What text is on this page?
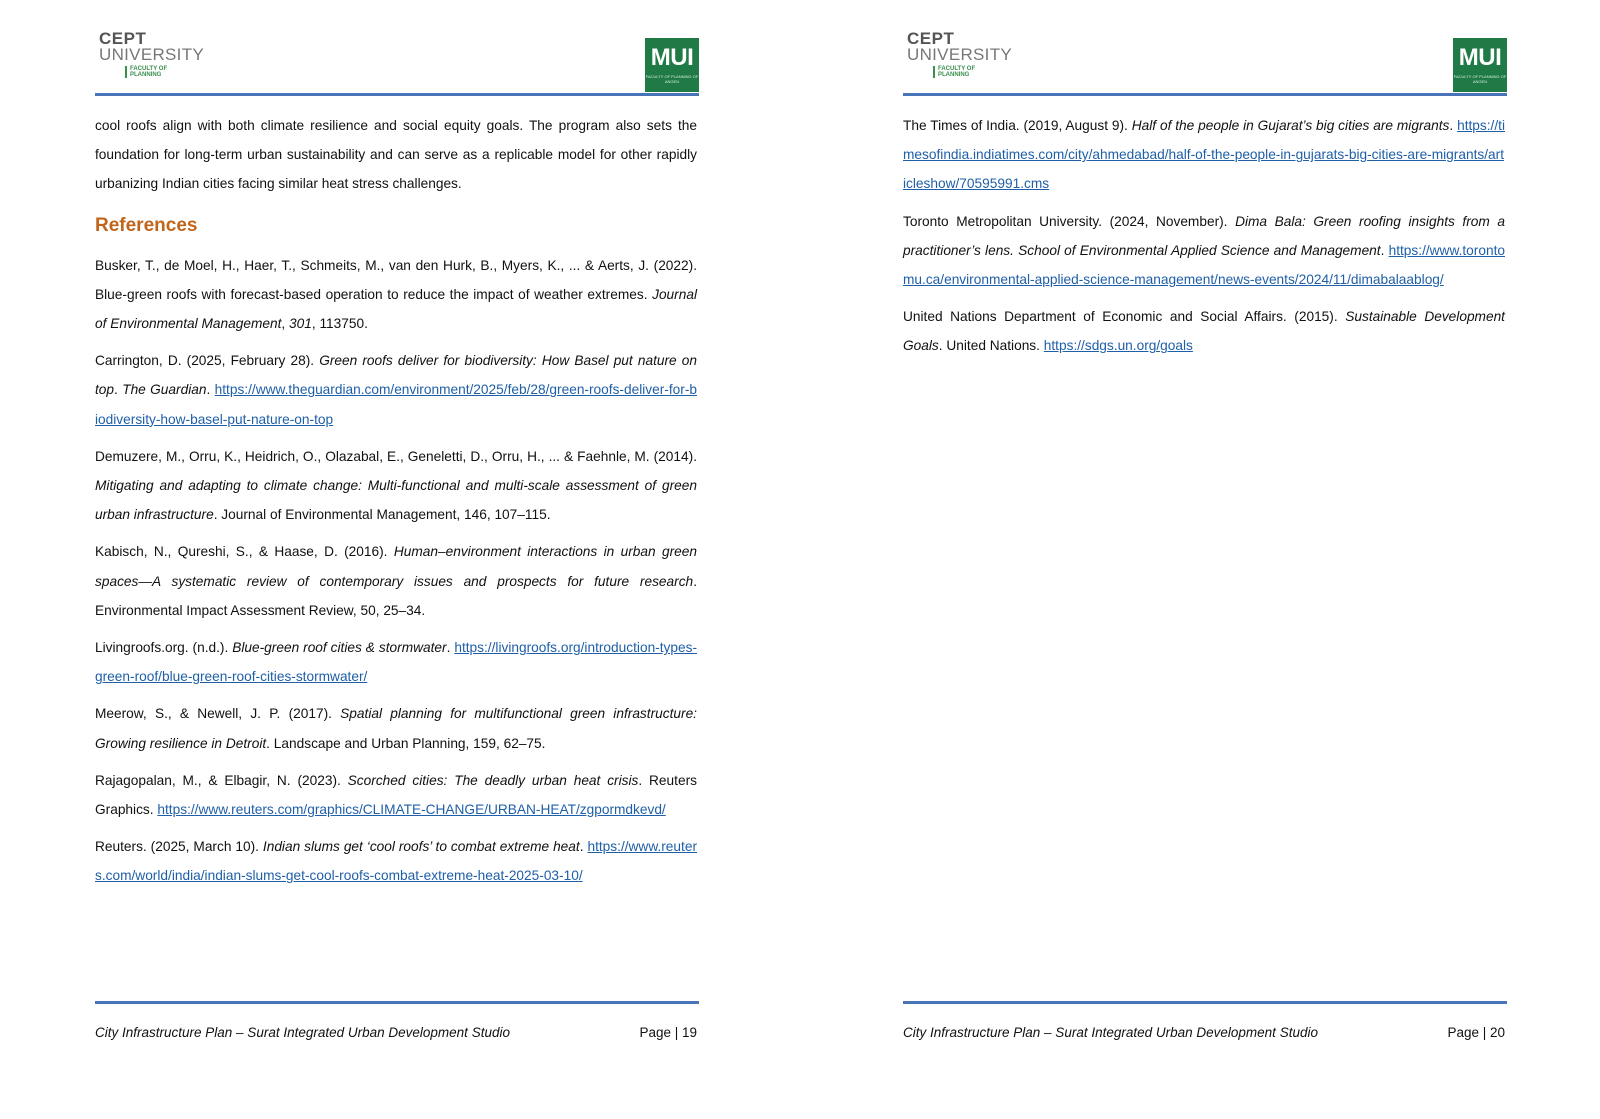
CEPT
UNIVERSITY
FACULTY OF PLANNING
MUI
FACULTY OF PLANNING OF ANGEN

cool roofs align with both climate resilience and social equity goals. The program also sets the foundation for long-term urban sustainability and can serve as a replicable model for other rapidly urbanizing Indian cities facing similar heat stress challenges.

References

Busker, T., de Moel, H., Haer, T., Schmeits, M., van den Hurk, B., Myers, K., ... & Aerts, J. (2022). Blue-green roofs with forecast-based operation to reduce the impact of weather extremes. Journal of Environmental Management, 301, 113750.

Carrington, D. (2025, February 28). Green roofs deliver for biodiversity: How Basel put nature on top. The Guardian. https://www.theguardian.com/environment/2025/feb/28/green-roofs-deliver-for-biodiversity-how-basel-put-nature-on-top

Demuzere, M., Orru, K., Heidrich, O., Olazabal, E., Geneletti, D., Orru, H., ... & Faehnle, M. (2014). Mitigating and adapting to climate change: Multi-functional and multi-scale assessment of green urban infrastructure. Journal of Environmental Management, 146, 107–115.

Kabisch, N., Qureshi, S., & Haase, D. (2016). Human–environment interactions in urban green spaces—A systematic review of contemporary issues and prospects for future research. Environmental Impact Assessment Review, 50, 25–34.

Livingroofs.org. (n.d.). Blue-green roof cities & stormwater. https://livingroofs.org/introduction-types-green-roof/blue-green-roof-cities-stormwater/

Meerow, S., & Newell, J. P. (2017). Spatial planning for multifunctional green infrastructure: Growing resilience in Detroit. Landscape and Urban Planning, 159, 62–75.

Rajagopalan, M., & Elbagir, N. (2023). Scorched cities: The deadly urban heat crisis. Reuters Graphics. https://www.reuters.com/graphics/CLIMATE-CHANGE/URBAN-HEAT/zgpormdkevd/

Reuters. (2025, March 10). Indian slums get ‘cool roofs’ to combat extreme heat. https://www.reuters.com/world/india/indian-slums-get-cool-roofs-combat-extreme-heat-2025-03-10/

City Infrastructure Plan – Surat Integrated Urban Development Studio	Page | 19
CEPT
UNIVERSITY
FACULTY OF PLANNING
MUI
FACULTY OF PLANNING OF ANGEN

The Times of India. (2019, August 9). Half of the people in Gujarat’s big cities are migrants. https://timesofindia.indiatimes.com/city/ahmedabad/half-of-the-people-in-gujarats-big-cities-are-migrants/articleshow/70595991.cms

Toronto Metropolitan University. (2024, November). Dima Bala: Green roofing insights from a practitioner’s lens. School of Environmental Applied Science and Management. https://www.torontomu.ca/environmental-applied-science-management/news-events/2024/11/dimabalaablog/

United Nations Department of Economic and Social Affairs. (2015). Sustainable Development Goals. United Nations. https://sdgs.un.org/goals

City Infrastructure Plan – Surat Integrated Urban Development Studio	Page | 20
